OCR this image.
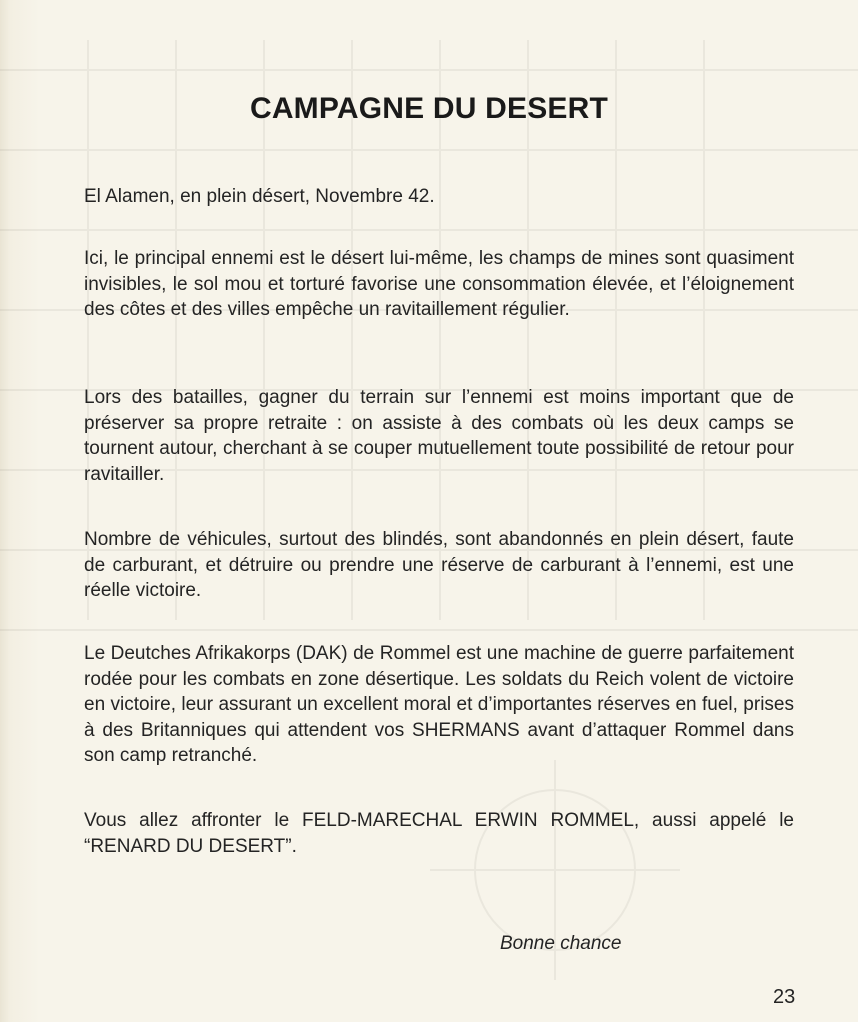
CAMPAGNE DU DESERT

El Alamen, en plein désert, Novembre 42.

Ici, le principal ennemi est le désert lui-même, les champs de mines sont quasiment invisibles, le sol mou et torturé favorise une consommation élevée, et l’éloignement des côtes et des villes empêche un ravitaillement régulier.

Lors des batailles, gagner du terrain sur l’ennemi est moins important que de préserver sa propre retraite : on assiste à des combats où les deux camps se tournent autour, cherchant à se couper mutuellement toute possibilité de retour pour ravitailler.

Nombre de véhicules, surtout des blindés, sont abandonnés en plein désert, faute de carburant, et détruire ou prendre une réserve de carburant à l’ennemi, est une réelle victoire.

Le Deutches Afrikakorps (DAK) de Rommel est une machine de guerre parfaitement rodée pour les combats en zone désertique. Les soldats du Reich volent de victoire en victoire, leur assurant un excellent moral et d’importantes réserves en fuel, prises à des Britanniques qui attendent vos SHERMANS avant d’attaquer Rommel dans son camp retranché.

Vous allez affronter le FELD-MARECHAL ERWIN ROMMEL, aussi appelé le “RENARD DU DESERT”.

Bonne chance
23
